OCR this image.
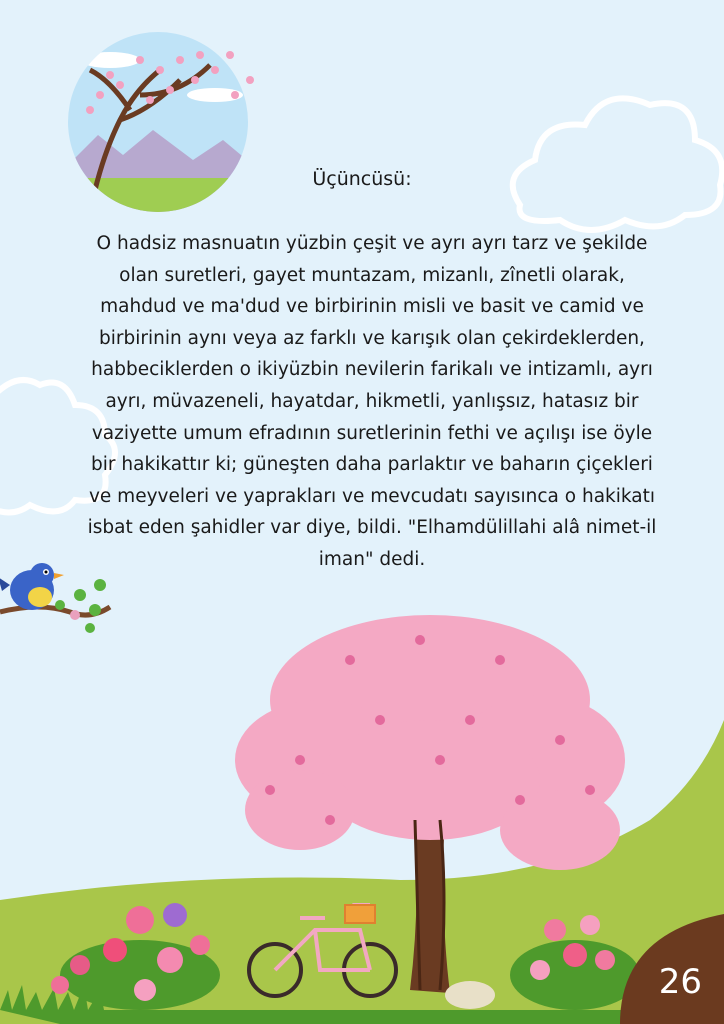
Üçüncüsü:
O hadsiz masnuatın yüzbin çeşit ve ayrı ayrı tarz ve şekilde olan suretleri, gayet muntazam, mizanlı, zînetli olarak, mahdud ve ma'dud ve birbirinin misli ve basit ve camid ve birbirinin aynı veya az farklı ve karışık olan çekirdeklerden, habbeciklerden o ikiyüzbin nevilerin farikalı ve intizamlı, ayrı ayrı, müvazeneli, hayatdar, hikmetli, yanlışsız, hatasız bir vaziyette umum efradının suretlerinin fethi ve açılışı ise öyle bir hakikattır ki; güneşten daha parlaktır ve baharın çiçekleri ve meyveleri ve yaprakları ve mevcudatı sayısınca o hakikatı isbat eden şahidler var diye, bildi. "Elhamdülillahi alâ nimet-il iman" dedi.
26
